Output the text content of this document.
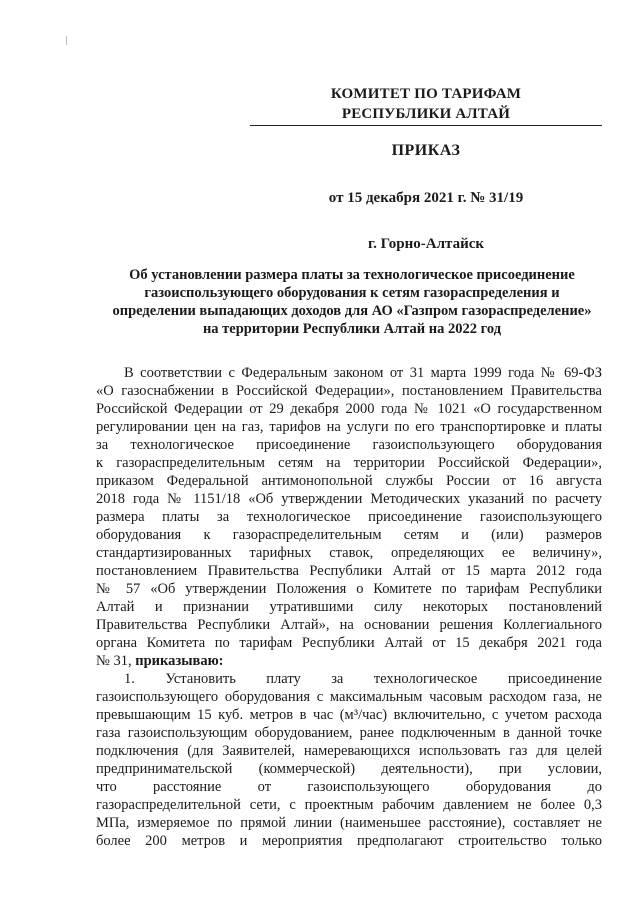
КОМИТЕТ ПО ТАРИФАМ
РЕСПУБЛИКИ АЛТАЙ
ПРИКАЗ
от 15 декабря 2021 г. № 31/19
г. Горно-Алтайск
Об установлении размера платы за технологическое присоединение
газоиспользующего оборудования к сетям газораспределения и
определении выпадающих доходов для АО «Газпром газораспределение»
на территории Республики Алтай на 2022 год
В соответствии с Федеральным законом от 31 марта 1999 года № 69-ФЗ
«О газоснабжении в Российской Федерации», постановлением Правительства
Российской Федерации от 29 декабря 2000 года № 1021 «О государственном
регулировании цен на газ, тарифов на услуги по его транспортировке и платы
за технологическое присоединение газоиспользующего оборудования
к газораспределительным сетям на территории Российской Федерации»,
приказом Федеральной антимонопольной службы России от 16 августа
2018 года № 1151/18 «Об утверждении Методических указаний по расчету
размера платы за технологическое присоединение газоиспользующего
оборудования к газораспределительным сетям и (или) размеров
стандартизированных тарифных ставок, определяющих ее величину»,
постановлением Правительства Республики Алтай от 15 марта 2012 года
№ 57 «Об утверждении Положения о Комитете по тарифам Республики
Алтай и признании утратившими силу некоторых постановлений
Правительства Республики Алтай», на основании решения Коллегиального
органа Комитета по тарифам Республики Алтай от 15 декабря 2021 года
№ 31, приказываю:
1. Установить плату за технологическое присоединение
газоиспользующего оборудования с максимальным часовым расходом газа, не
превышающим 15 куб. метров в час (м³/час) включительно, с учетом расхода
газа газоиспользующим оборудованием, ранее подключенным в данной точке
подключения (для Заявителей, намеревающихся использовать газ для целей
предпринимательской (коммерческой) деятельности), при условии,
что расстояние от газоиспользующего оборудования до
газораспределительной сети, с проектным рабочим давлением не более 0,3
МПа, измеряемое по прямой линии (наименьшее расстояние), составляет не
более 200 метров и мероприятия предполагают строительство только
